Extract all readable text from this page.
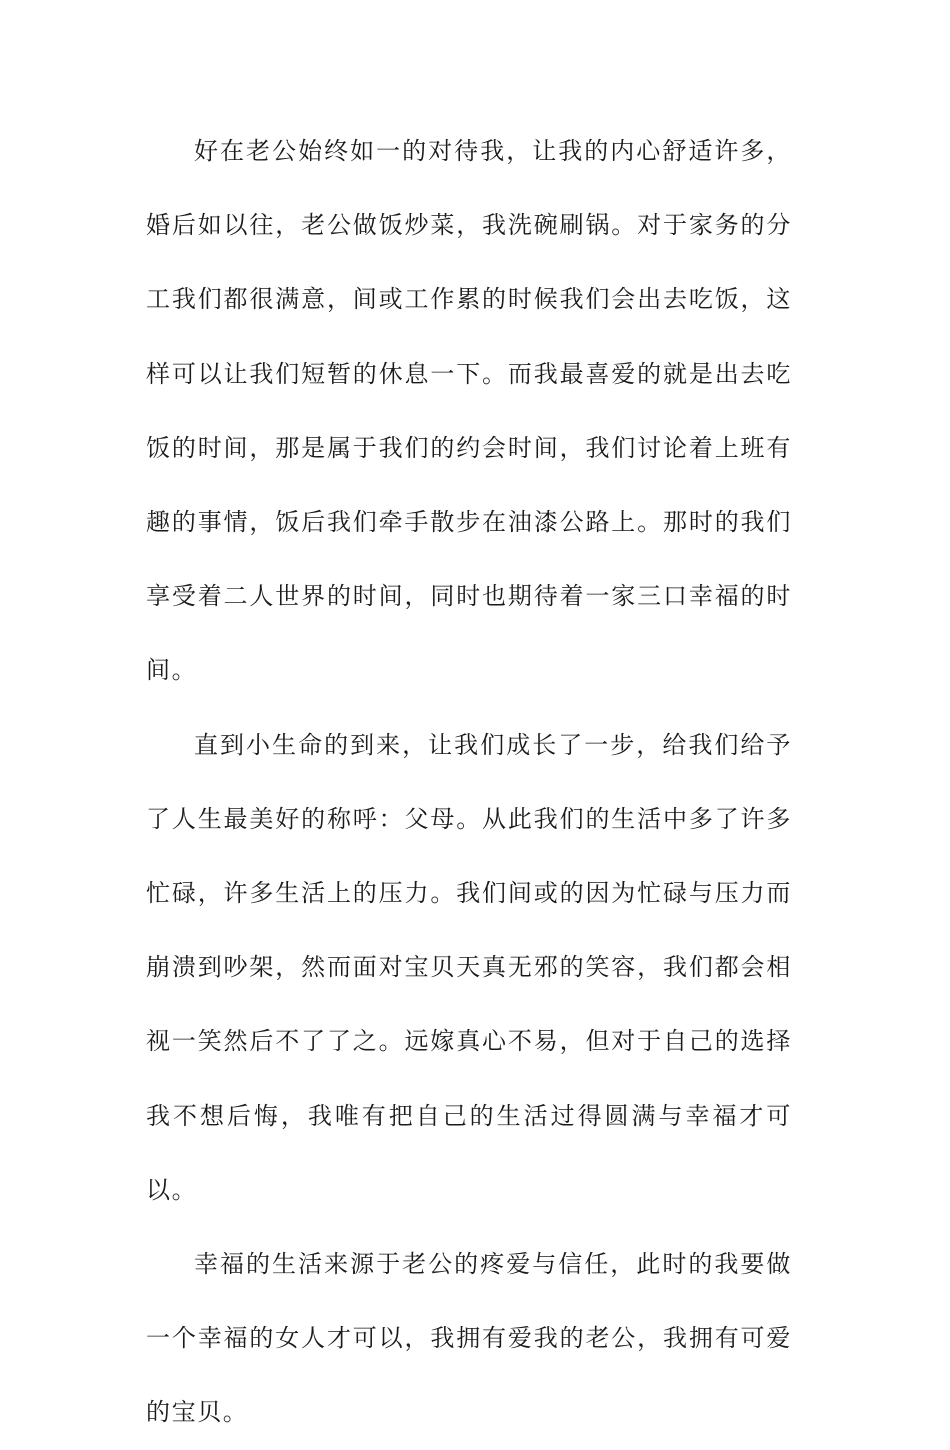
好在老公始终如一的对待我，让我的内心舒适许多，婚后如以往，老公做饭炒菜，我洗碗刷锅。对于家务的分工我们都很满意，间或工作累的时候我们会出去吃饭，这样可以让我们短暂的休息一下。而我最喜爱的就是出去吃饭的时间，那是属于我们的约会时间，我们讨论着上班有趣的事情，饭后我们牵手散步在油漆公路上。那时的我们享受着二人世界的时间，同时也期待着一家三口幸福的时间。

直到小生命的到来，让我们成长了一步，给我们给予了人生最美好的称呼：父母。从此我们的生活中多了许多忙碌，许多生活上的压力。我们间或的因为忙碌与压力而崩溃到吵架，然而面对宝贝天真无邪的笑容，我们都会相视一笑然后不了了之。远嫁真心不易，但对于自己的选择我不想后悔，我唯有把自己的生活过得圆满与幸福才可以。

幸福的生活来源于老公的疼爱与信任，此时的我要做一个幸福的女人才可以，我拥有爱我的老公，我拥有可爱的宝贝。
